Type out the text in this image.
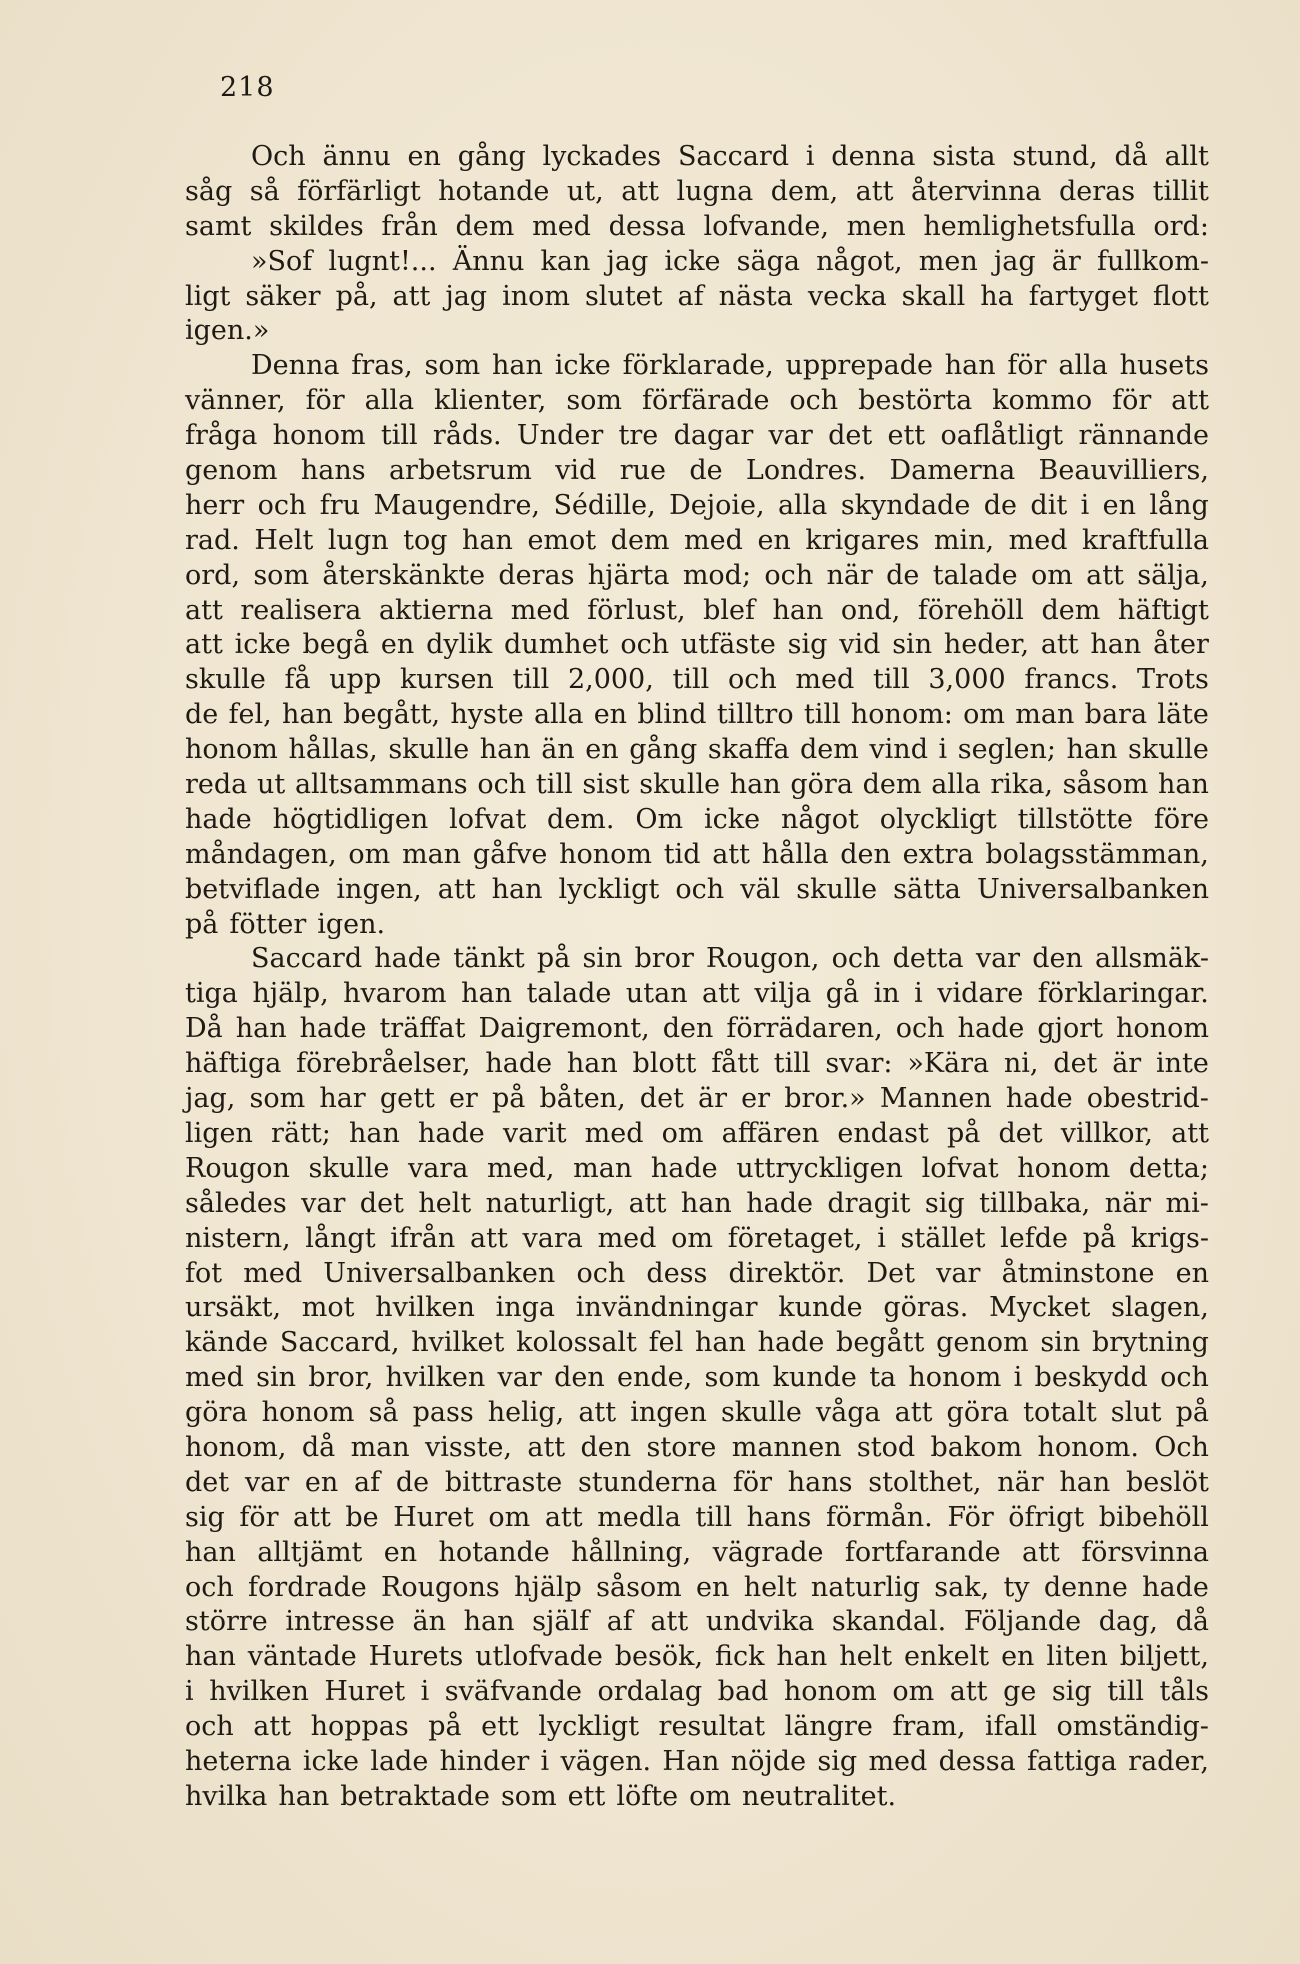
218
Och ännu en gång lyckades Saccard i denna sista stund, då allt
såg så förfärligt hotande ut, att lugna dem, att återvinna deras tillit
samt skildes från dem med dessa lofvande, men hemlighetsfulla ord:
»Sof lugnt!... Ännu kan jag icke säga något, men jag är fullkom-
ligt säker på, att jag inom slutet af nästa vecka skall ha fartyget flott
igen.»
Denna fras, som han icke förklarade, upprepade han för alla husets
vänner, för alla klienter, som förfärade och bestörta kommo för att
fråga honom till råds. Under tre dagar var det ett oaflåtligt rännande
genom hans arbetsrum vid rue de Londres. Damerna Beauvilliers,
herr och fru Maugendre, Sédille, Dejoie, alla skyndade de dit i en lång
rad. Helt lugn tog han emot dem med en krigares min, med kraftfulla
ord, som återskänkte deras hjärta mod; och när de talade om att sälja,
att realisera aktierna med förlust, blef han ond, förehöll dem häftigt
att icke begå en dylik dumhet och utfäste sig vid sin heder, att han åter
skulle få upp kursen till 2,000, till och med till 3,000 francs. Trots
de fel, han begått, hyste alla en blind tilltro till honom: om man bara läte
honom hållas, skulle han än en gång skaffa dem vind i seglen; han skulle
reda ut alltsammans och till sist skulle han göra dem alla rika, såsom han
hade högtidligen lofvat dem. Om icke något olyckligt tillstötte före
måndagen, om man gåfve honom tid att hålla den extra bolagsstämman,
betviflade ingen, att han lyckligt och väl skulle sätta Universalbanken
på fötter igen.
Saccard hade tänkt på sin bror Rougon, och detta var den allsmäk-
tiga hjälp, hvarom han talade utan att vilja gå in i vidare förklaringar.
Då han hade träffat Daigremont, den förrädaren, och hade gjort honom
häftiga förebråelser, hade han blott fått till svar: »Kära ni, det är inte
jag, som har gett er på båten, det är er bror.» Mannen hade obestrid-
ligen rätt; han hade varit med om affären endast på det villkor, att
Rougon skulle vara med, man hade uttryckligen lofvat honom detta;
således var det helt naturligt, att han hade dragit sig tillbaka, när mi-
nistern, långt ifrån att vara med om företaget, i stället lefde på krigs-
fot med Universalbanken och dess direktör. Det var åtminstone en
ursäkt, mot hvilken inga invändningar kunde göras. Mycket slagen,
kände Saccard, hvilket kolossalt fel han hade begått genom sin brytning
med sin bror, hvilken var den ende, som kunde ta honom i beskydd och
göra honom så pass helig, att ingen skulle våga att göra totalt slut på
honom, då man visste, att den store mannen stod bakom honom. Och
det var en af de bittraste stunderna för hans stolthet, när han beslöt
sig för att be Huret om att medla till hans förmån. För öfrigt bibehöll
han alltjämt en hotande hållning, vägrade fortfarande att försvinna
och fordrade Rougons hjälp såsom en helt naturlig sak, ty denne hade
större intresse än han själf af att undvika skandal. Följande dag, då
han väntade Hurets utlofvade besök, fick han helt enkelt en liten biljett,
i hvilken Huret i sväfvande ordalag bad honom om att ge sig till tåls
och att hoppas på ett lyckligt resultat längre fram, ifall omständig-
heterna icke lade hinder i vägen. Han nöjde sig med dessa fattiga rader,
hvilka han betraktade som ett löfte om neutralitet.
